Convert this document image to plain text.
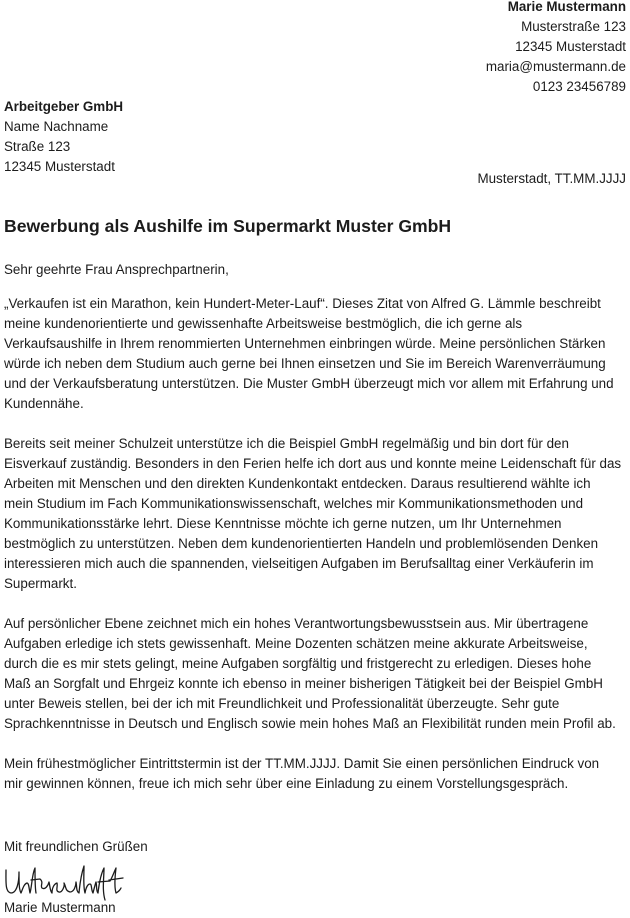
Marie Mustermann
Musterstraße 123
12345 Musterstadt
maria@mustermann.de
0123 23456789
Arbeitgeber GmbH
Name Nachname
Straße 123
12345 Musterstadt
Musterstadt, TT.MM.JJJJ
Bewerbung als Aushilfe im Supermarkt Muster GmbH
Sehr geehrte Frau Ansprechpartnerin,

„Verkaufen ist ein Marathon, kein Hundert-Meter-Lauf“. Dieses Zitat von Alfred G. Lämmle beschreibt
meine kundenorientierte und gewissenhafte Arbeitsweise bestmöglich, die ich gerne als
Verkaufsaushilfe in Ihrem renommierten Unternehmen einbringen würde. Meine persönlichen Stärken
würde ich neben dem Studium auch gerne bei Ihnen einsetzen und Sie im Bereich Warenverräumung
und der Verkaufsberatung unterstützen. Die Muster GmbH überzeugt mich vor allem mit Erfahrung und
Kundennähe.

Bereits seit meiner Schulzeit unterstütze ich die Beispiel GmbH regelmäßig und bin dort für den
Eisverkauf zuständig. Besonders in den Ferien helfe ich dort aus und konnte meine Leidenschaft für das
Arbeiten mit Menschen und den direkten Kundenkontakt entdecken. Daraus resultierend wählte ich
mein Studium im Fach Kommunikationswissenschaft, welches mir Kommunikationsmethoden und
Kommunikationsstärke lehrt. Diese Kenntnisse möchte ich gerne nutzen, um Ihr Unternehmen
bestmöglich zu unterstützen. Neben dem kundenorientierten Handeln und problemlösenden Denken
interessieren mich auch die spannenden, vielseitigen Aufgaben im Berufsalltag einer Verkäuferin im
Supermarkt.

Auf persönlicher Ebene zeichnet mich ein hohes Verantwortungsbewusstsein aus. Mir übertragene
Aufgaben erledige ich stets gewissenhaft. Meine Dozenten schätzen meine akkurate Arbeitsweise,
durch die es mir stets gelingt, meine Aufgaben sorgfältig und fristgerecht zu erledigen. Dieses hohe
Maß an Sorgfalt und Ehrgeiz konnte ich ebenso in meiner bisherigen Tätigkeit bei der Beispiel GmbH
unter Beweis stellen, bei der ich mit Freundlichkeit und Professionalität überzeugte. Sehr gute
Sprachkenntnisse in Deutsch und Englisch sowie mein hohes Maß an Flexibilität runden mein Profil ab.

Mein frühestmöglicher Eintrittstermin ist der TT.MM.JJJJ. Damit Sie einen persönlichen Eindruck von
mir gewinnen können, freue ich mich sehr über eine Einladung zu einem Vorstellungsgespräch.

Mit freundlichen Grüßen
Marie Mustermann
